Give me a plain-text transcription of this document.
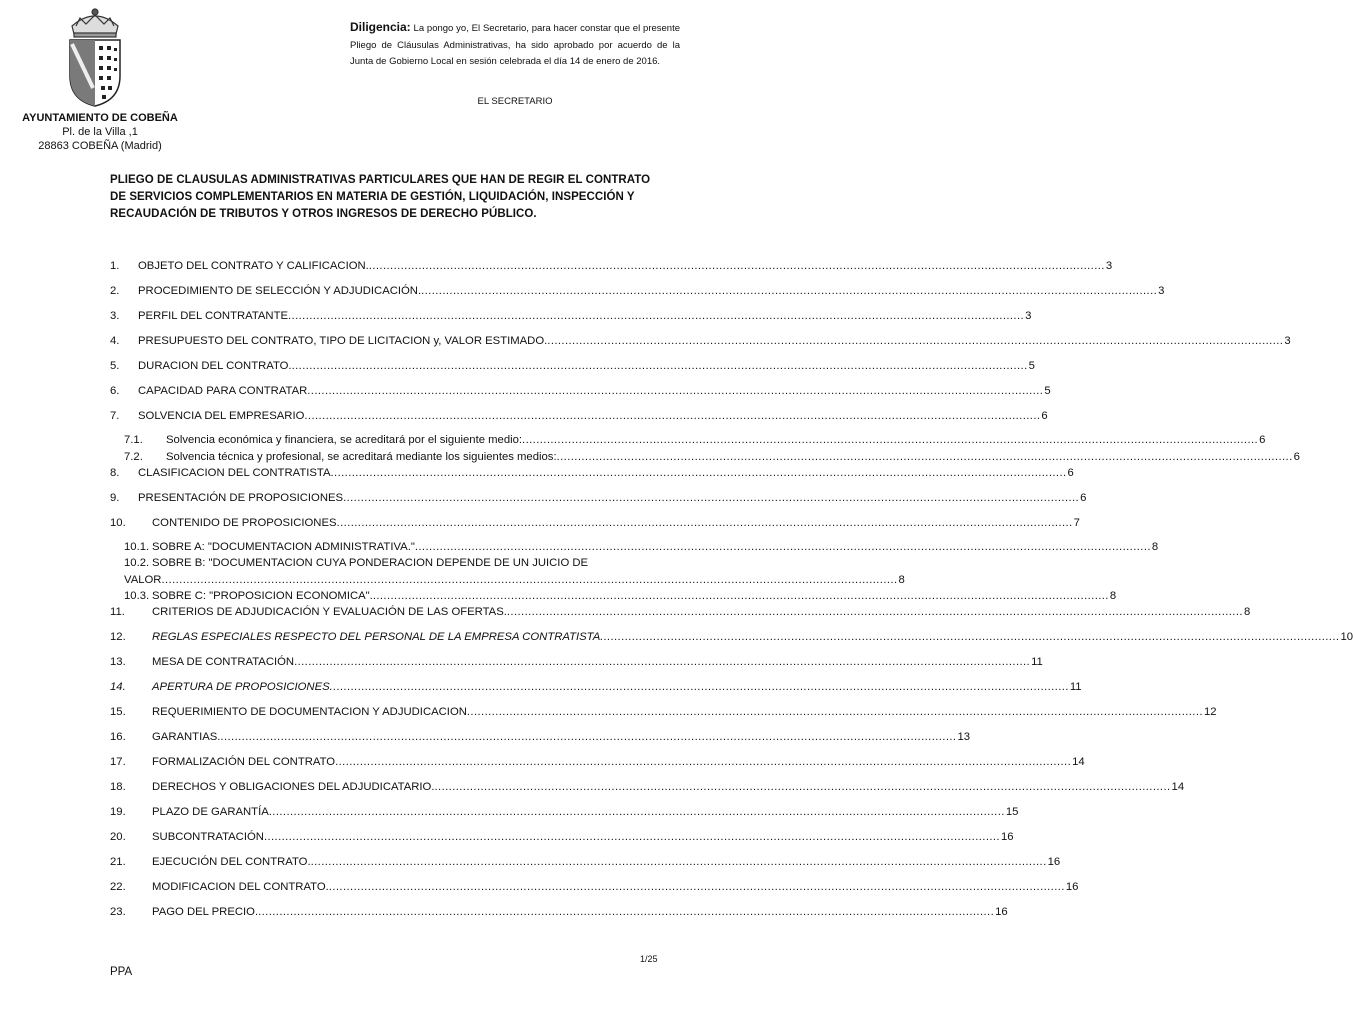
AYUNTAMIENTO DE COBEÑA
Pl. de la Villa ,1
28863 COBEÑA (Madrid)
Diligencia: La pongo yo, El Secretario, para hacer constar que el presente Pliego de Cláusulas Administrativas, ha sido aprobado por acuerdo de la Junta de Gobierno Local en sesión celebrada el día 14 de enero de 2016.
EL SECRETARIO
PLIEGO DE CLAUSULAS ADMINISTRATIVAS PARTICULARES QUE HAN DE REGIR EL CONTRATO DE SERVICIOS COMPLEMENTARIOS EN MATERIA DE GESTIÓN, LIQUIDACIÓN, INSPECCIÓN Y RECAUDACIÓN DE TRIBUTOS Y OTROS INGRESOS DE DERECHO PÚBLICO.
1.	OBJETO DEL CONTRATO Y CALIFICACION. .....	3
2.	PROCEDIMIENTO DE SELECCIÓN Y ADJUDICACIÓN. .....	3
3.	PERFIL DEL CONTRATANTE .....	3
4.	PRESUPUESTO DEL CONTRATO, TIPO DE LICITACION y, VALOR ESTIMADO. .....	3
5.	DURACION DEL CONTRATO. .....	5
6.	CAPACIDAD PARA CONTRATAR .....	5
7.	SOLVENCIA DEL EMPRESARIO .....	6
7.1.	Solvencia económica y financiera, se acreditará por el siguiente medio: .....	6
7.2.	Solvencia técnica y profesional, se acreditará mediante los siguientes medios: .....	6
8.	CLASIFICACION DEL CONTRATISTA .....	6
9.	PRESENTACIÓN DE PROPOSICIONES .....	6
10.	CONTENIDO DE PROPOSICIONES .....	7
10.1. SOBRE A: "DOCUMENTACION ADMINISTRATIVA." .....	8
10.2. SOBRE B: "DOCUMENTACION CUYA PONDERACION DEPENDE DE UN JUICIO DE
VALOR .....	8
10.3. SOBRE C: "PROPOSICION ECONOMICA". .....	8
11.	CRITERIOS DE ADJUDICACIÓN Y EVALUACIÓN DE LAS OFERTAS. .....	8
12.	REGLAS ESPECIALES RESPECTO DEL PERSONAL DE LA EMPRESA CONTRATISTA. .....	10
13.	MESA DE CONTRATACIÓN .....	11
14.	APERTURA DE PROPOSICIONES. .....	11
15.	REQUERIMIENTO DE DOCUMENTACION Y ADJUDICACION .....	12
16.	GARANTIAS. .....	13
17.	FORMALIZACIÓN DEL CONTRATO .....	14
18.	DERECHOS Y OBLIGACIONES DEL ADJUDICATARIO. .....	14
19.	PLAZO DE GARANTÍA .....	15
20.	SUBCONTRATACIÓN .....	16
21.	EJECUCIÓN DEL CONTRATO. .....	16
22.	MODIFICACION DEL CONTRATO. .....	16
23.	PAGO DEL PRECIO. .....	16
1/25
PPA
